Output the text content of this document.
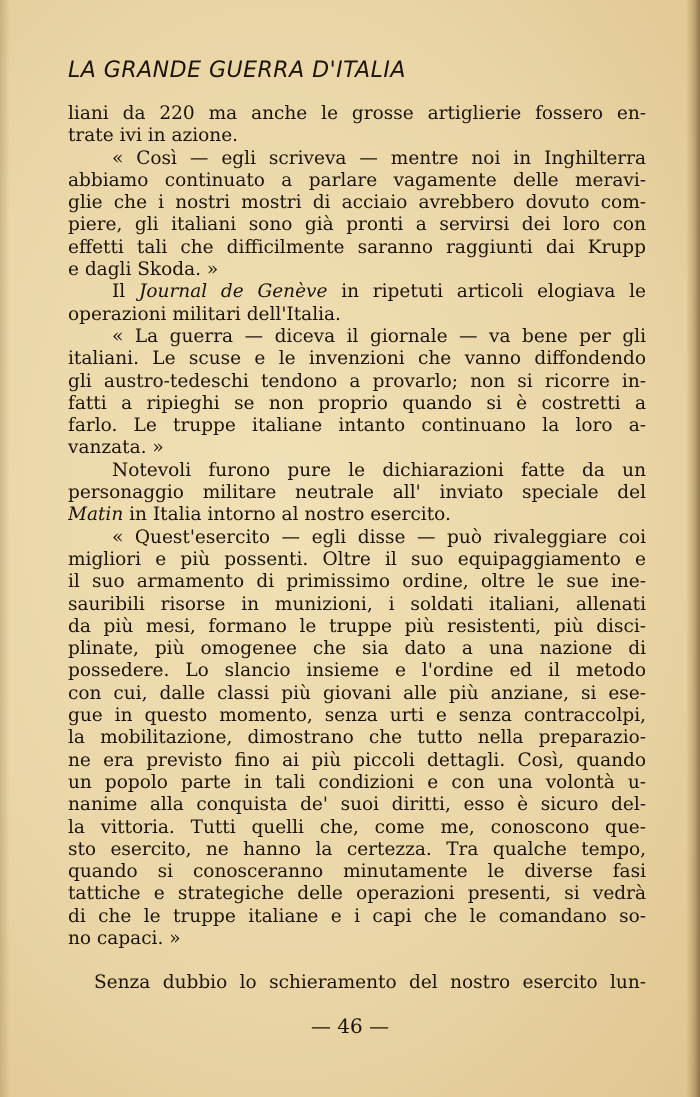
LA GRANDE GUERRA D'ITALIA
liani da 220 ma anche le grosse artiglierie fossero en-
trate ivi in azione.
« Così — egli scriveva — mentre noi in Inghilterra
abbiamo continuato a parlare vagamente delle meravi-
glie che i nostri mostri di acciaio avrebbero dovuto com-
piere, gli italiani sono già pronti a servirsi dei loro con
effetti tali che difficilmente saranno raggiunti dai Krupp
e dagli Skoda. »
Il Journal de Genève in ripetuti articoli elogiava le
operazioni militari dell'Italia.
« La guerra — diceva il giornale — va bene per gli
italiani. Le scuse e le invenzioni che vanno diffondendo
gli austro-tedeschi tendono a provarlo; non si ricorre in-
fatti a ripieghi se non proprio quando si è costretti a
farlo. Le truppe italiane intanto continuano la loro a-
vanzata. »
Notevoli furono pure le dichiarazioni fatte da un
personaggio militare neutrale all' inviato speciale del
Matin in Italia intorno al nostro esercito.
« Quest'esercito — egli disse — può rivaleggiare coi
migliori e più possenti. Oltre il suo equipaggiamento e
il suo armamento di primissimo ordine, oltre le sue ine-
sauribili risorse in munizioni, i soldati italiani, allenati
da più mesi, formano le truppe più resistenti, più disci-
plinate, più omogenee che sia dato a una nazione di
possedere. Lo slancio insieme e l'ordine ed il metodo
con cui, dalle classi più giovani alle più anziane, si ese-
gue in questo momento, senza urti e senza contraccolpi,
la mobilitazione, dimostrano che tutto nella preparazio-
ne era previsto fino ai più piccoli dettagli. Così, quando
un popolo parte in tali condizioni e con una volontà u-
nanime alla conquista de' suoi diritti, esso è sicuro del-
la vittoria. Tutti quelli che, come me, conoscono que-
sto esercito, ne hanno la certezza. Tra qualche tempo,
quando si conosceranno minutamente le diverse fasi
tattiche e strategiche delle operazioni presenti, si vedrà
di che le truppe italiane e i capi che le comandano so-
no capaci. »
Senza dubbio lo schieramento del nostro esercito lun-
— 46 —
